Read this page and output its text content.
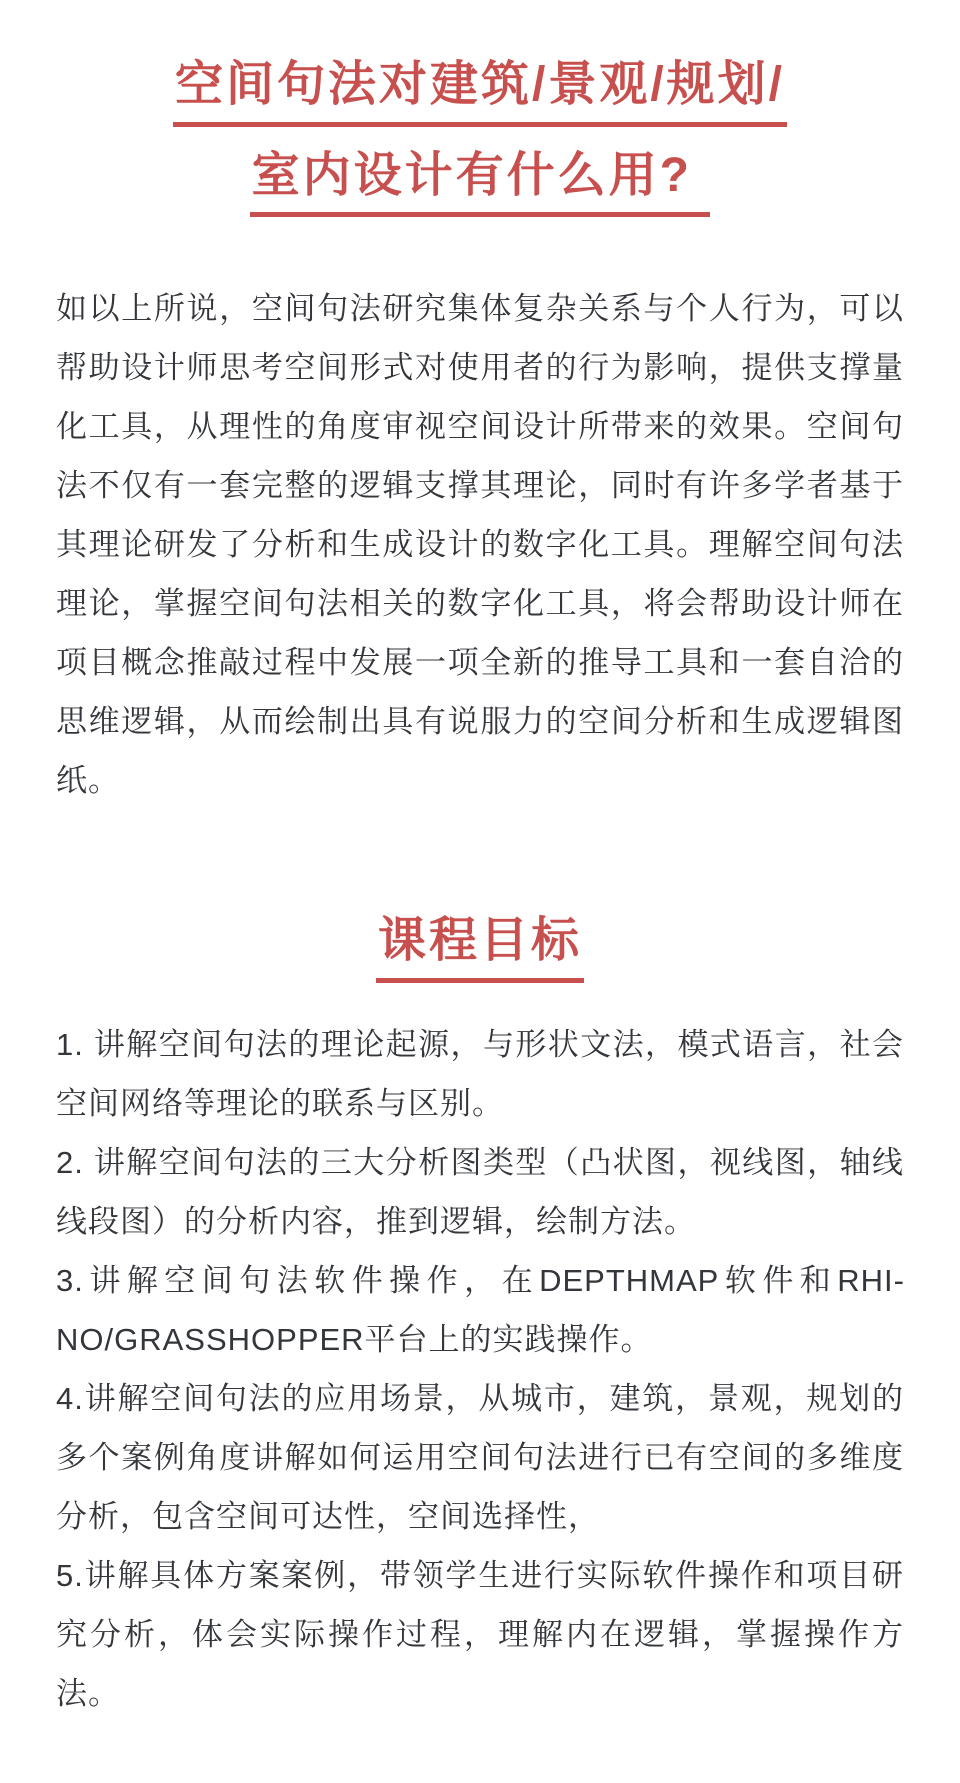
空间句法对建筑/景观/规划/
室内设计有什么用?

如以上所说，空间句法研究集体复杂关系与个人行为，可以帮助设计师思考空间形式对使用者的行为影响，提供支撑量化工具，从理性的角度审视空间设计所带来的效果。空间句法不仅有一套完整的逻辑支撑其理论，同时有许多学者基于其理论研发了分析和生成设计的数字化工具。理解空间句法理论，掌握空间句法相关的数字化工具，将会帮助设计师在项目概念推敲过程中发展一项全新的推导工具和一套自洽的思维逻辑，从而绘制出具有说服力的空间分析和生成逻辑图纸。

课程目标
1. 讲解空间句法的理论起源，与形状文法，模式语言，社会空间网络等理论的联系与区别。
2. 讲解空间句法的三大分析图类型（凸状图，视线图，轴线线段图）的分析内容，推到逻辑，绘制方法。
3.讲解空间句法软件操作，在DEPTHMAP软件和RHINO/GRASSHOPPER平台上的实践操作。
4.讲解空间句法的应用场景，从城市，建筑，景观，规划的多个案例角度讲解如何运用空间句法进行已有空间的多维度分析，包含空间可达性，空间选择性，
5.讲解具体方案案例，带领学生进行实际软件操作和项目研究分析，体会实际操作过程，理解内在逻辑，掌握操作方法。
